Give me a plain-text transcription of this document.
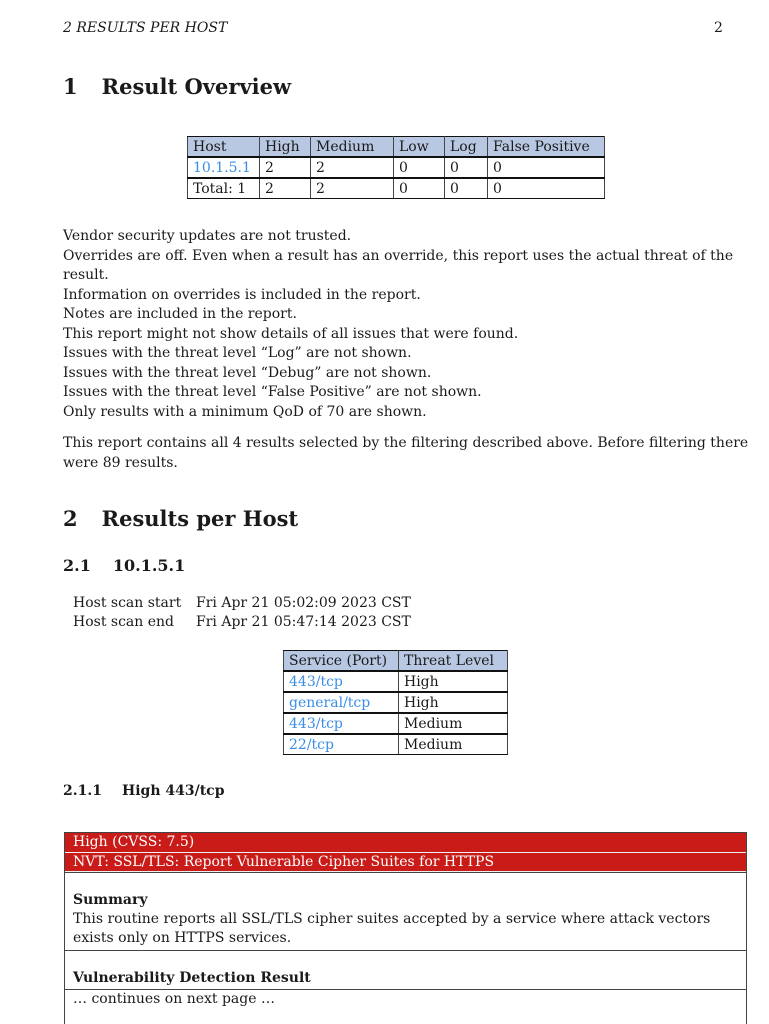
2 RESULTS PER HOST	2
1 Result Overview
Host	High	Medium	Low	Log	False Positive
10.1.5.1	2	2	0	0	0
Total: 1	2	2	0	0	0
Vendor security updates are not trusted.
Overrides are off. Even when a result has an override, this report uses the actual threat of the
result.
Information on overrides is included in the report.
Notes are included in the report.
This report might not show details of all issues that were found.
Issues with the threat level “Log” are not shown.
Issues with the threat level “Debug” are not shown.
Issues with the threat level “False Positive” are not shown.
Only results with a minimum QoD of 70 are shown.
This report contains all 4 results selected by the filtering described above. Before filtering there
were 89 results.
2 Results per Host
2.1 10.1.5.1
Host scan start Fri Apr 21 05:02:09 2023 CST
Host scan end Fri Apr 21 05:47:14 2023 CST
Service (Port)	Threat Level
443/tcp	High
general/tcp	High
443/tcp	Medium
22/tcp	Medium
2.1.1 High 443/tcp
High (CVSS: 7.5)
NVT: SSL/TLS: Report Vulnerable Cipher Suites for HTTPS
Summary
This routine reports all SSL/TLS cipher suites accepted by a service where attack vectors exists only on HTTPS services.
Vulnerability Detection Result
… continues on next page …
